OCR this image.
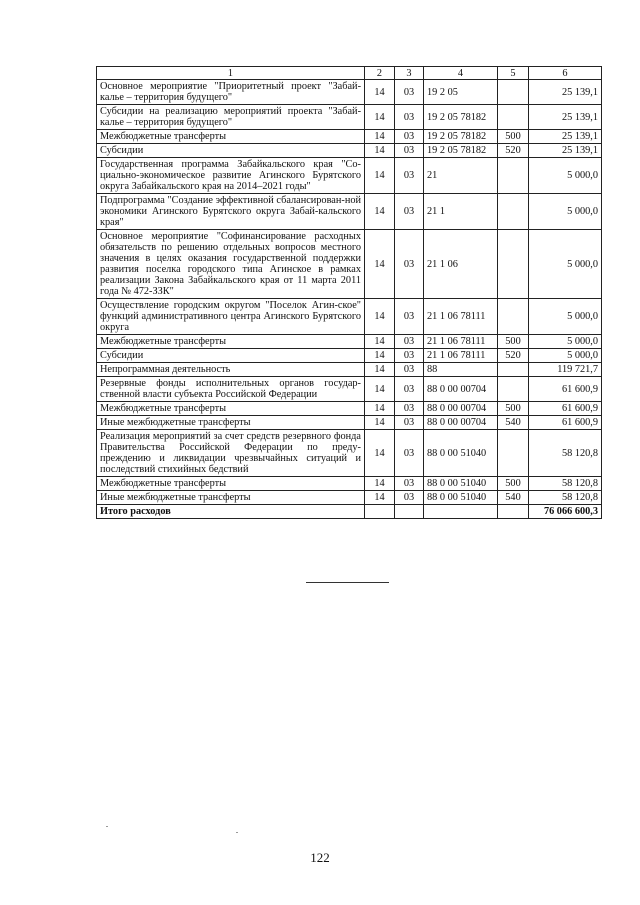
1	2	3	4	5	6
Основное мероприятие "Приоритетный проект "Забай-кальe – территория будущего"	14	03	19 2 05		25 139,1
Субсидии на реализацию мероприятий проекта "Забай-калье – территория будущего"	14	03	19 2 05 78182		25 139,1
Межбюджетные трансферты	14	03	19 2 05 78182	500	25 139,1
Субсидии	14	03	19 2 05 78182	520	25 139,1
Государственная программа Забайкальского края "Со-циально-экономическое развитие Агинского Бурятского округа Забайкальского края на 2014–2021 годы"	14	03	21		5 000,0
Подпрограмма "Создание эффективной сбалансирован-ной экономики Агинского Бурятского округа Забай-кальского края"	14	03	21 1		5 000,0
Основное мероприятие "Софинансирование расходных обязательств по решению отдельных вопросов местного значения в целях оказания государственной поддержки развития поселка городского типа Агинское в рамках реализации Закона Забайкальского края от 11 марта 2011 года № 472-ЗЗК"	14	03	21 1 06		5 000,0
Осуществление городским округом "Поселок Агин-ское" функций административного центра Агинского Бурятского округа	14	03	21 1 06 78111		5 000,0
Межбюджетные трансферты	14	03	21 1 06 78111	500	5 000,0
Субсидии	14	03	21 1 06 78111	520	5 000,0
Непрограммная деятельность	14	03	88		119 721,7
Резервные фонды исполнительных органов государ-ственной власти субъекта Российской Федерации	14	03	88 0 00 00704		61 600,9
Межбюджетные трансферты	14	03	88 0 00 00704	500	61 600,9
Иные межбюджетные трансферты	14	03	88 0 00 00704	540	61 600,9
Реализация мероприятий за счет средств резервного фонда Правительства Российской Федерации по преду-преждению и ликвидации чрезвычайных ситуаций и последствий стихийных бедствий	14	03	88 0 00 51040		58 120,8
Межбюджетные трансферты	14	03	88 0 00 51040	500	58 120,8
Иные межбюджетные трансферты	14	03	88 0 00 51040	540	58 120,8
Итого расходов					76 066 600,3
122
